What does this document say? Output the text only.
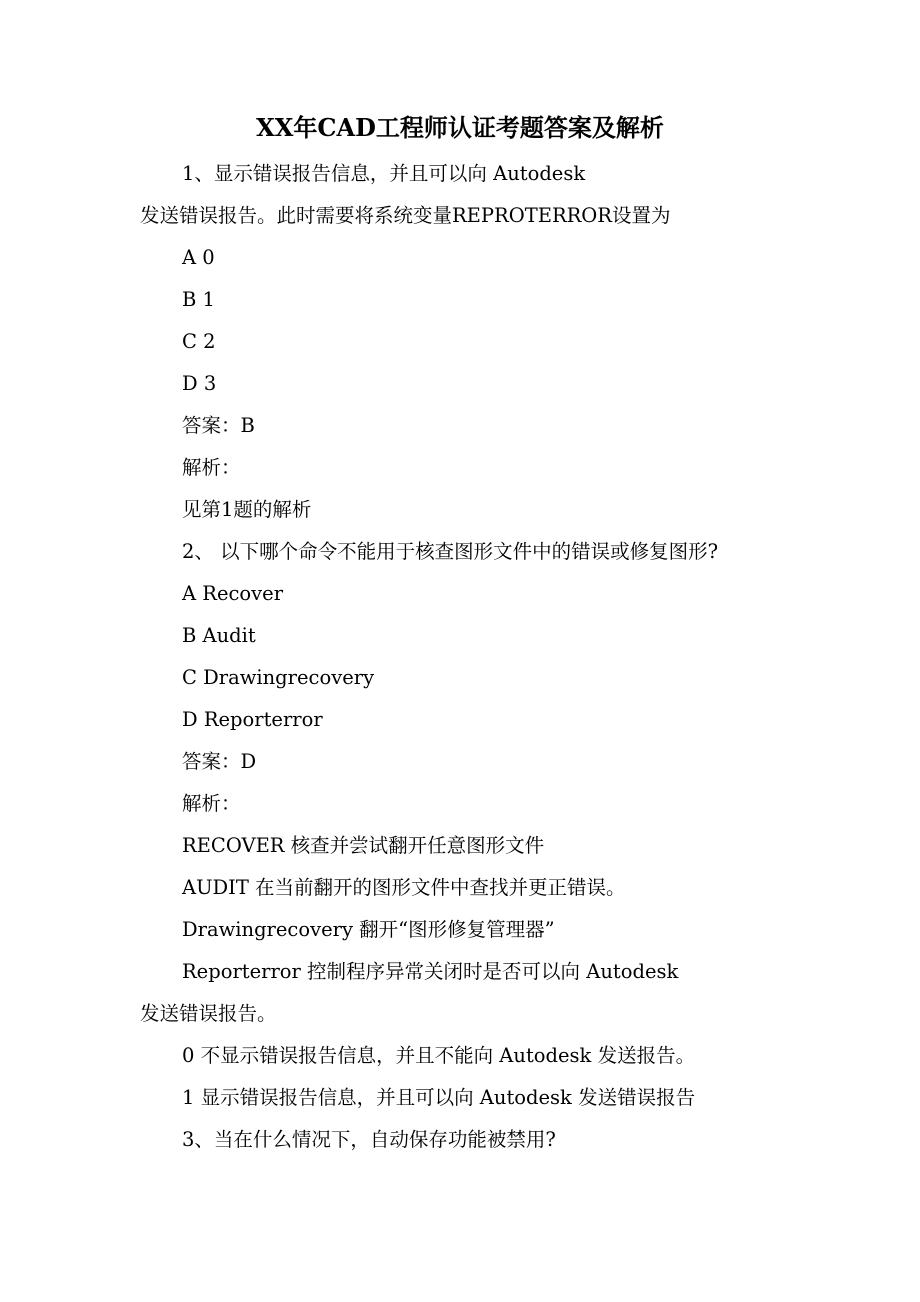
XX年CAD工程师认证考题答案及解析
1、显示错误报告信息，并且可以向 Autodesk
发送错误报告。此时需要将系统变量REPROTERROR设置为
A 0
B 1
C 2
D 3
答案：B
解析：
见第1题的解析
2、 以下哪个命令不能用于核查图形文件中的错误或修复图形?
A Recover
B Audit
C Drawingrecovery
D Reporterror
答案：D
解析：
RECOVER 核查并尝试翻开任意图形文件
AUDIT 在当前翻开的图形文件中查找并更正错误。
Drawingrecovery 翻开“图形修复管理器”
Reporterror 控制程序异常关闭时是否可以向 Autodesk
发送错误报告。
0 不显示错误报告信息，并且不能向 Autodesk 发送报告。
1 显示错误报告信息，并且可以向 Autodesk 发送错误报告
3、当在什么情况下，自动保存功能被禁用?
